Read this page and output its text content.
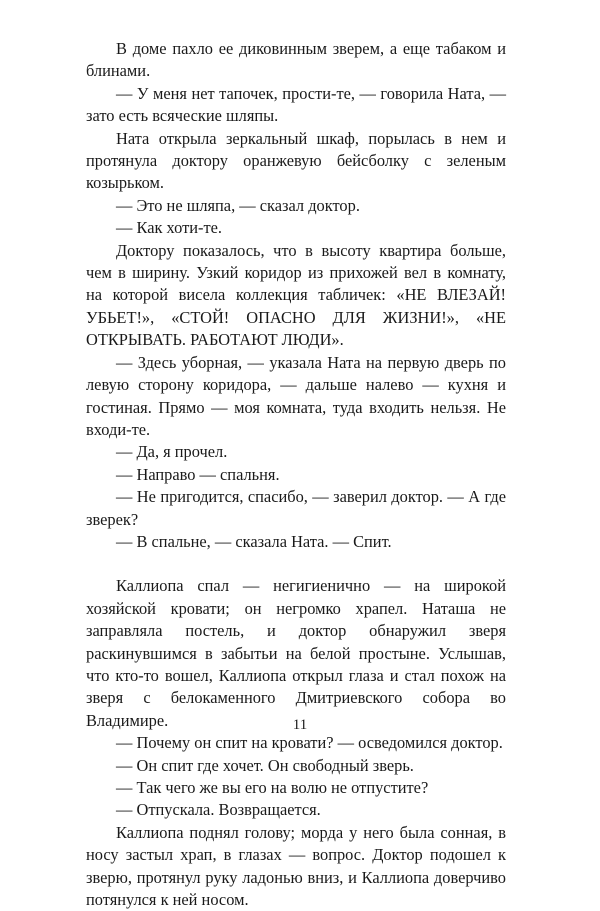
В доме пахло ее диковинным зверем, а еще табаком и блинами.

— У меня нет тапочек, прости-те, — говорила Ната, — зато есть всяческие шляпы.

Ната открыла зеркальный шкаф, порылась в нем и протянула доктору оранжевую бейсболку с зеленым козырьком.

— Это не шляпа, — сказал доктор.

— Как хоти-те.

Доктору показалось, что в высоту квартира больше, чем в ширину. Узкий коридор из прихожей вел в комнату, на которой висела коллекция табличек: «НЕ ВЛЕЗАЙ! УБЬЕТ!», «СТОЙ! ОПАСНО ДЛЯ ЖИЗНИ!», «НЕ ОТКРЫВАТЬ. РАБОТАЮТ ЛЮДИ».

— Здесь уборная, — указала Ната на первую дверь по левую сторону коридора, — дальше налево — кухня и гостиная. Прямо — моя комната, туда входить нельзя. Не входи-те.

— Да, я прочел.

— Направо — спальня.

— Не пригодится, спасибо, — заверил доктор. — А где зверек?

— В спальне, — сказала Ната. — Спит.

Каллиопа спал — негигиенично — на широкой хозяйской кровати; он негромко храпел. Наташа не заправляла постель, и доктор обнаружил зверя раскинувшимся в забытьи на белой простыне. Услышав, что кто-то вошел, Каллиопа открыл глаза и стал похож на зверя с белокаменного Дмитриевского собора во Владимире.

— Почему он спит на кровати? — осведомился доктор.

— Он спит где хочет. Он свободный зверь.

— Так чего же вы его на волю не отпустите?

— Отпускала. Возвращается.

Каллиопа поднял голову; морда у него была сонная, в носу застыл храп, в глазах — вопрос. Доктор подошел к зверю, протянул руку ладонью вниз, и Каллиопа доверчиво потянулся к ней носом.

11
